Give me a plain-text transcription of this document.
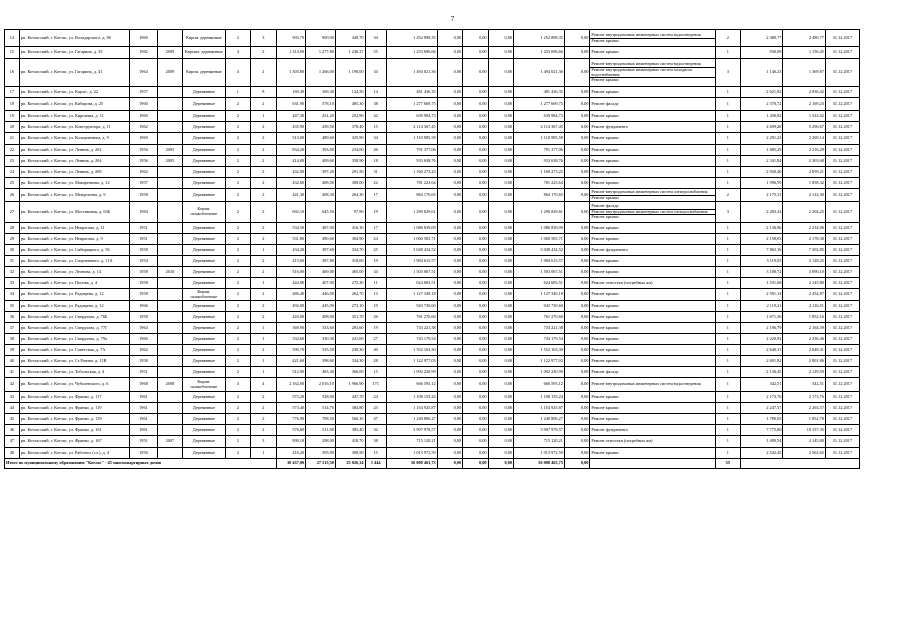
7
14	рп. Котласский, г. Котлас, ул. Володарского, д. 96	1960		Кирпи. деревянные	2	3	903,70	900,00	449,70	34	1 252 898,35	0,00	0,00	0,00	1 252 898,35	0,00	Ремонт внутридомовых инженерных систем водоотведения
Ремонт крыши	2	2 480,77	2 480,77	31.12.2017
15	рп. Котласский, г. Котлас, ул. Гагарина, д. 35	1982	2009	Кирпич. деревянные	4	2	1 314,90	1 277,80	1 236,37	55	1 253 696,66	0,00	0,00	0,00	1 253 696,66	0,00	Ремонт крыши	1	930,09	1 156,45	31.12.2017
16	рп. Котласский, г. Котлас, ул. Гагарина, д. 41	1964	2009	Кирпи. деревянные	4	2	1 303,80	1 266,00	1 198,00	34	1 494 021,36	0,00	0,00	0,00	1 494 021,36	0,00	Ремонт внутридомовых инженерных систем водоотведения
Ремонт внутридомовых инженерных систем холодного водоснабжения
Ремонт крыши	3	1 146,23	1 369,87	31.12.2017
17	рп. Котласский, г. Котлас, ул. Карла-, д. 22	1957		Деревянные	1	8	169,30	169,30	134,50	14	481 436,35	0,00	0,00	0,00	481 436,35	0,00	Ремонт крыши	1	2 621,82	2 836,42	31.12.2017
18	рп. Котласский, г. Котлас, ул. Кибарова, д. 25	1960		Деревянные	2	2	631,90	578,10	485,30	38	1 277 669,75	0,00	0,00	0,00	1 277 669,75	0,00	Ремонт фасада	1	2 370,72	2 169,23	31.12.2017
19	рп. Котласский, г. Котлас, ул. Кирпична, д. 11	1960		Деревянные	2	1	447,30	431,20	252,90	42	639 984,73	0,00	0,00	0,00	639 984,73	0,00	Ремонт крыши	1	1 430,82	1 522,02	31.12.2017
20	рп. Котласский, г. Котлас, ул. Конструктора, д. 11	1962		Деревянные	2	2	435,90	439,50	378,40	15	2 114 367,45	0,00	0,00	0,00	2 114 367,45	0,00	Ремонт фундамента	1	4 699,28	5 296,67	31.12.2017
21	рп. Котласский, г. Котлас, ул. Кольцевенька, д. 9	1960		Деревянные	2	2	513,00	489,60	325,90	34	1 110 985,58	0,00	0,00	0,00	1 110 985,58	0,00	Ремонт крыши	1	2 291,23	2 269,14	31.12.2017
22	рп. Котласский, г. Котлас, ул. Ленина, д. 202	1956	2005	Деревянные	2	2	834,20	393,00	234,00	26	791 377,06	0,00	0,00	0,00	791 377,06	0,00	Ремонт крыши	1	1 685,29	2 216,29	31.12.2017
23	рп. Котласский, г. Котлас, ул. Ленина, д. 204	1956	2005	Деревянные	2	2	414,00	409,60	358,90	18	933 638,76	0,00	0,00	0,00	933 638,76	0,00	Ремонт крыши	1	2 341,84	2 303,68	31.12.2017
24	рп. Котласский, г. Котлас, ул. Ленина, д. 208	1962		Деревянные	2	2	432,00	397,20	291,50	31	1 160 273,25	0,00	0,00	0,00	1 160 273,25	0,00	Ремонт крыши	1	2 920,40	2 859,21	31.12.2017
25	рп. Котласский, г. Котлас, ул. Макаренкова, д. 12	1957		Деревянные	2	2	432,00	408,00	308,00	22	781 223,64	0,00	0,00	0,00	781 223,64	0,00	Ремонт крыши	1	1 996,59	1 858,32	31.12.2017
26	рп. Котласский, г. Котлас, ул. Менделеева, д. 9	1958		Деревянные	2	2	441,30	408,30	264,30	17	864 170,65	0,00	0,00	0,00	864 170,65	0,00	Ремонт внутридомовых инженерных систем электроснабжения
Ремонт крыши	2	2 175,31	2 122,30	31.12.2017
27	рп. Котласский, г. Котлас, ул. Мостиковая, д. 63Б	1984		Кирпи. шлакоблочные	2	2	692,10	645,50	97,90	19	1 290 829,61	0,00	0,00	0,00	1 290 829,61	0,00	Ремонт фасада
Ремонт внутридомовых инженерных систем электроснабжения
Ремонт крыши	3	2 283,34	2 204,25	31.12.2017
28	рп. Котласский, г. Котлас, ул. Некрасова, д. 11	1951		Деревянные	2	2	534,50	487,00	416,30	17	1 086 839,09	0,00	0,00	0,00	1 086 839,09	0,00	Ремонт крыши	1	2 136,96	2 234,96	31.12.2017
29	рп. Котласский, г. Котлас, ул. Некрасова, д. 9	1951		Деревянные	2	2	531,80	490,60	304,90	24	1 060 583,71	0,00	0,00	0,00	1 060 583,71	0,00	Ремонт крыши	1	2 158,03	2 178,30	31.12.2017
30	рп. Котласский, г. Котлас, ул. Сибиряцкого, д. 56	1958		Деревянные	2	1	434,20	387,60	334,70	25	3 048 434,52	0,00	0,00	0,00	3 048 434,52	0,00	Ремонт фундамента	1	7 863,16	7 302,85	31.12.2017
31	рп. Котласский, г. Котлас, ул. Спортивного, д. 11А	1954		Деревянные	2	2	415,60	387,80	318,00	19	1 984 615,57	0,00	0,00	0,00	1 984 615,57	0,00	Ремонт крыши	1	5 119,03	5 128,25	31.12.2017
32	рп. Котласский, г. Котлас, ул. Леонова, д. 14	1958	2010	Деревянные	2	2	516,00	469,00	465,00	34	1 503 067,51	0,00	0,00	0,00	1 503 067,51	0,00	Ремонт крыши	1	3 188,72	3 090,10	31.12.2017
33	рп. Котласский, г. Котлас, ул. Попова, д. 4	1958		Деревянные	2	1	444,90	407,00	275,30	11	624 683,51	0,00	0,00	0,00	624 683,51	0,00	Ремонт отмостки (погребных ям)	1	1 531,68	2 145,80	31.12.2017
34	рп. Котласский, г. Котлас, ул. Радищева, д. 12	1958		Кирпи. шлакоблочные	2	2	486,40	446,00	262,70	13	1 127 349,18	0,00	0,00	0,00	1 127 349,18	0,00	Ремонт крыши	1	2 591,14	2 454,87	31.12.2017
35	рп. Котласский, г. Котлас, ул. Радищева, д. 12	1966		Деревянные	2	2	492,00	445,90	273,10	19	943 730,60	0,00	0,00	0,00	943 730,60	0,00	Ремонт крыши	1	2 119,21	2 116,51	31.12.2017
36	рп. Котласский, г. Котлас, ул. Свердлова, д. 76Б	1958		Деревянные	2	2	443,00	408,00	351,70	26	761 270,60	0,00	0,00	0,00	761 270,60	0,00	Ремонт крыши	1	1 671,36	1 852,16	31.12.2017
37	рп. Котласский, г. Котлас, ул. Свердлова, д. 77Г	1964		Деревянные	2	1	369,90	333,60	283,60	19	733 221,38	0,00	0,00	0,00	733 221,38	0,00	Ремонт крыши	1	2 196,79	2 164,39	31.12.2017
38	рп. Котласский, г. Котлас, ул. Свердлова, д. 79а	1960		Деревянные	2	1	334,60	330,30	241,00	27	743 179,54	0,00	0,00	0,00	743 179,54	0,00	Ремонт крыши	1	2 220,92	2 250,46	31.12.2017
39	рп. Котласский, г. Котлас, ул. Советская, д. 7А	1962		Деревянные	2	2	590,70	535,50	238,30	40	1 552 163,30	0,00	0,00	0,00	1 552 163,30	0,00	Ремонт крыши	1	2 640,31	2 648,31	31.12.2017
40	рп. Котласский, г. Котлас, ул. Ст.Разина, д. 11В	1958		Деревянные	2	1	421,60	398,60	334,30	28	1 122 977,03	0,00	0,00	0,00	1 122 977,03	0,00	Ремонт крыши	1	2 691,82	2 801,86	31.12.2017
41	рп. Котласский, г. Котлас, ул. Тобольская, д. 4	1951		Деревянные	2	1	512,90	483,40	366,00	15	1 092 230,99	0,00	0,00	0,00	1 092 230,99	0,00	Ремонт фасада	1	2 136,45	2 129,59	31.12.2017
42	рп. Котласский, г. Котлас, ул. Чубалевского, д. 6	1968	2008	Кирпи. шлакоблочные	4	4	2 162,00	2 016,10	1 966,90	171	666 595,12	0,00	0,00	0,00	666 595,12	0,00	Ремонт внутридомовых инженерных систем водоотведения	1	342,51	342,51	31.12.2017
43	рп. Котласский, г. Котлас, ул. Франко, д. 117	1961		Деревянные	2	2	573,20	528,00	447,70	24	1 108 155,24	0,00	0,00	0,00	1 108 155,24	0,00	Ремонт крыши	1	2 173,76	2 173,76	31.12.2017
44	рп. Котласский, г. Котлас, ул. Франко, д. 119	1961		Деревянные	2	2	573,40	514,70	384,80	23	1 154 925,87	0,00	0,00	0,00	1 154 925,87	0,00	Ремонт крыши	1	2 247,57	2 263,57	31.12.2017
45	рп. Котласский, г. Котлас, ул. Франко, д. 159	1961		Деревянные	2	2	776,90	708,50	566,10	47	1 240 806,27	0,00	0,00	0,00	1 240 806,27	0,00	Ремонт крыши	1	1 780,05	1 852,78	31.12.2017
46	рп. Котласский, г. Котлас, ул. Франко, д. 161	1961		Деревянные	2	2	576,60	511,00	385,40	32	3 907 978,57	0,00	0,00	0,00	3 907 978,57	0,00	Ремонт фундамента	1	7 775,86	10 157,35	31.12.2017
47	рп. Котласский, г. Котлас, ул. Франко, д. 167	1951	2007	Деревянные	2	3	890,10	298,00	418,70	38	715 120,21	0,00	0,00	0,00	715 120,21	0,00	Ремонт отмостки (погребных ям)	1	1 499,54	2 145,80	31.12.2017
48	рп. Котласский, г. Котлас, ул. Рабочего (сл.), д. 4	1956		Деревянные	2	1	416,20	395,90	308,50	15	1 013 972,59	0,00	0,00	0,00	1 013 972,59	0,00	Ремонт крыши	1	2 542,45	2 562,65	31.12.2017
Итого по муниципальному образованию "Котлас" - 45 многоквартирных домов							30 437,00	27 515,50	25 026,34	1 444	56 008 463,73	0,00	0,00	0,00	56 008 463,73	0,00		55			
